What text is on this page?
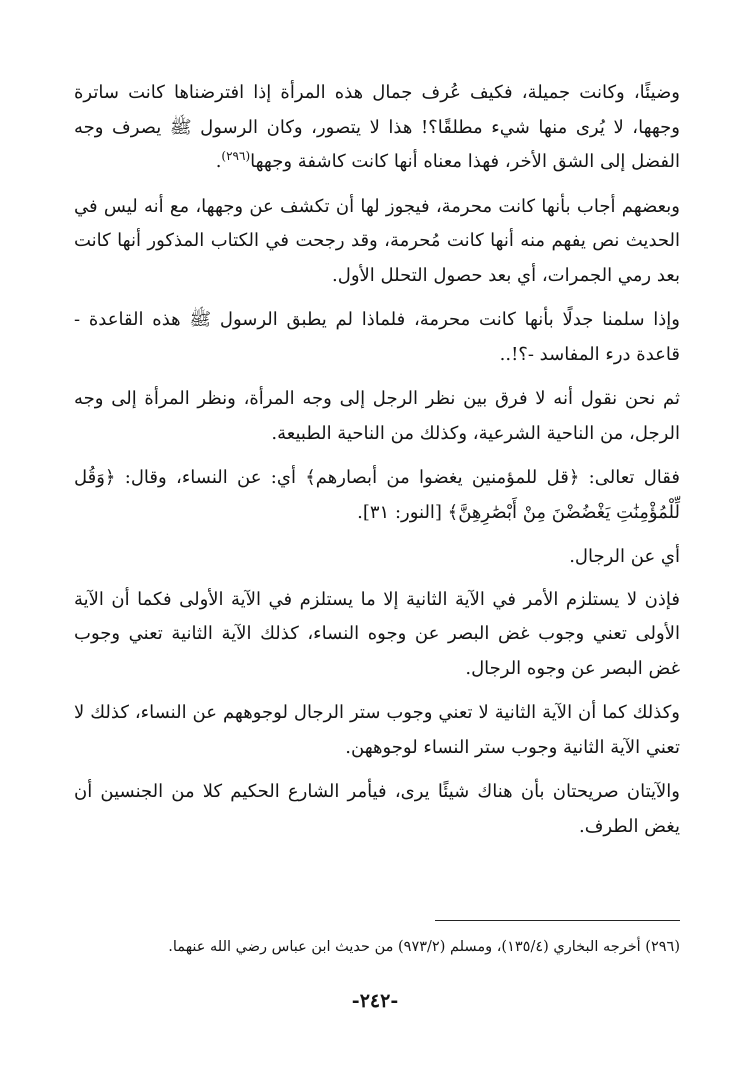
وضيئًا، وكانت جميلة، فكيف عُرف جمال هذه المرأة إذا افترضناها كانت ساترة وجهها، لا يُرى منها شيء مطلقًا؟! هذا لا يتصور، وكان الرسول ﷺ يصرف وجه الفضل إلى الشق الأخر، فهذا معناه أنها كانت كاشفة وجهها$^{(٢٩٦)}$.

وبعضهم أجاب بأنها كانت محرمة، فيجوز لها أن تكشف عن وجهها، مع أنه ليس في الحديث نص يفهم منه أنها كانت مُحرمة، وقد رجحت في الكتاب المذكور أنها كانت بعد رمي الجمرات، أي بعد حصول التحلل الأول.

وإذا سلمنا جدلًا بأنها كانت محرمة، فلماذا لم يطبق الرسول ﷺ هذه القاعدة - قاعدة درء المفاسد -؟!..

ثم نحن نقول أنه لا فرق بين نظر الرجل إلى وجه المرأة، ونظر المرأة إلى وجه الرجل، من الناحية الشرعية، وكذلك من الناحية الطبيعة.

فقال تعالى: ﴿قل للمؤمنين يغضوا من أبصارهم﴾ أي: عن النساء، وقال: ﴿وَقُل لِّلْمُؤْمِنَٰتِ يَغْضُضْنَ مِنْ أَبْصَٰرِهِنَّ﴾ [النور: ٣١].

أي عن الرجال.

فإذن لا يستلزم الأمر في الآية الثانية إلا ما يستلزم في الآية الأولى فكما أن الآية الأولى تعني وجوب غض البصر عن وجوه النساء، كذلك الآية الثانية تعني وجوب غض البصر عن وجوه الرجال.

وكذلك كما أن الآية الثانية لا تعني وجوب ستر الرجال لوجوههم عن النساء، كذلك لا تعني الآية الثانية وجوب ستر النساء لوجوههن.

والآيتان صريحتان بأن هناك شيئًا يرى، فيأمر الشارع الحكيم كلا من الجنسين أن يغض الطرف.

(٢٩٦) أخرجه البخاري (١٣٥/٤)، ومسلم (٩٧٣/٢) من حديث ابن عباس رضي الله عنهما.
-٢٤٢-
